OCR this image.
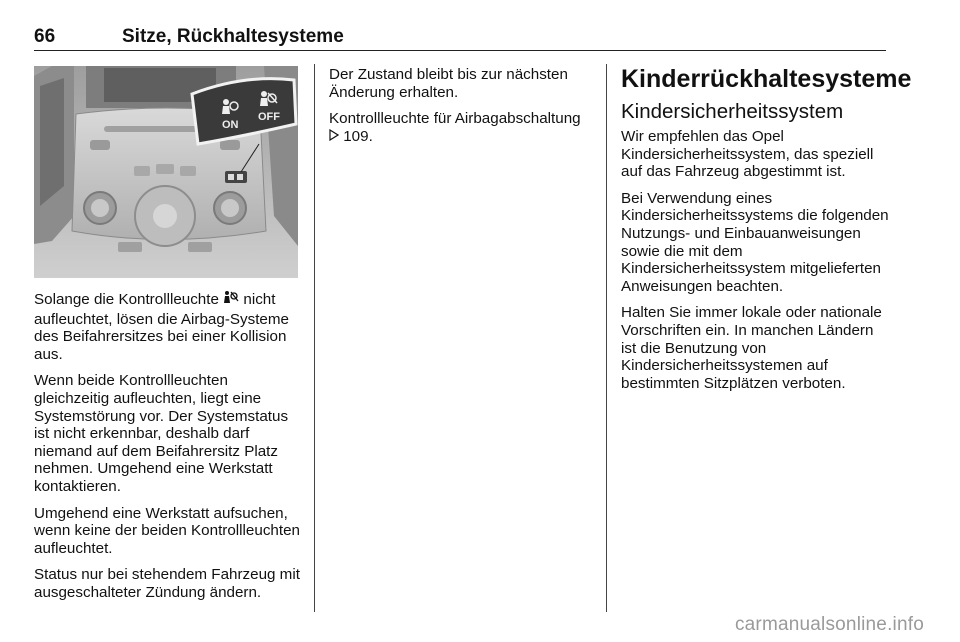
66	Sitze, Rückhaltesysteme
ON
OFF

Solange die Kontrollleuchte nicht aufleuchtet, lösen die Airbag-Systeme des Beifahrersitzes bei einer Kollision aus.

Wenn beide Kontrollleuchten gleichzeitig aufleuchten, liegt eine Systemstörung vor. Der Systemstatus ist nicht erkennbar, deshalb darf niemand auf dem Beifahrersitz Platz nehmen. Umgehend eine Werkstatt kontaktieren.

Umgehend eine Werkstatt aufsuchen, wenn keine der beiden Kontrollleuchten aufleuchtet.

Status nur bei stehendem Fahrzeug mit ausgeschalteter Zündung ändern.

Der Zustand bleibt bis zur nächsten Änderung erhalten.

Kontrollleuchte für Airbagabschaltung  109.

Kinderrückhaltesysteme
Kindersicherheitssystem

Wir empfehlen das Opel Kindersicherheitssystem, das speziell auf das Fahrzeug abgestimmt ist.

Bei Verwendung eines Kindersicherheitssystems die folgenden Nutzungs- und Einbauanweisungen sowie die mit dem Kindersicherheitssystem mitgelieferten Anweisungen beachten.

Halten Sie immer lokale oder nationale Vorschriften ein. In manchen Ländern ist die Benutzung von Kindersicherheitssystemen auf bestimmten Sitzplätzen verboten.

carmanualsonline.info
